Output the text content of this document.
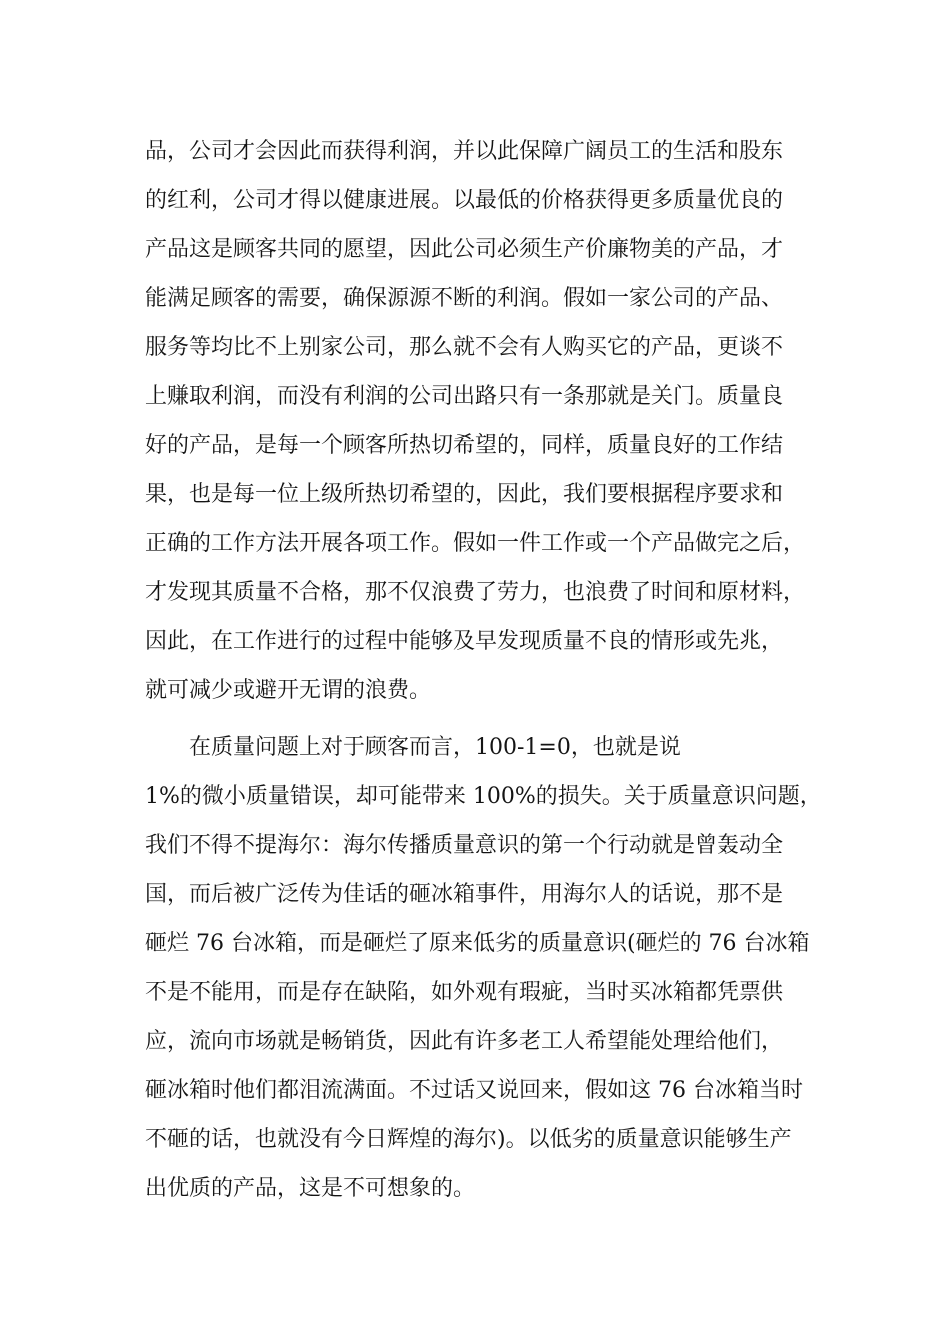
品，公司才会因此而获得利润，并以此保障广阔员工的生活和股东
的红利，公司才得以健康进展。以最低的价格获得更多质量优良的
产品这是顾客共同的愿望，因此公司必须生产价廉物美的产品，才
能满足顾客的需要，确保源源不断的利润。假如一家公司的产品、
服务等均比不上别家公司，那么就不会有人购买它的产品，更谈不
上赚取利润，而没有利润的公司出路只有一条那就是关门。质量良
好的产品，是每一个顾客所热切希望的，同样，质量良好的工作结
果，也是每一位上级所热切希望的，因此，我们要根据程序要求和
正确的工作方法开展各项工作。假如一件工作或一个产品做完之后，
才发现其质量不合格，那不仅浪费了劳力，也浪费了时间和原材料，
因此，在工作进行的过程中能够及早发现质量不良的情形或先兆，
就可减少或避开无谓的浪费。
在质量问题上对于顾客而言，100-1=0，也就是说
1%的微小质量错误，却可能带来 100%的损失。关于质量意识问题，
我们不得不提海尔：海尔传播质量意识的第一个行动就是曾轰动全
国，而后被广泛传为佳话的砸冰箱事件，用海尔人的话说，那不是
砸烂 76 台冰箱，而是砸烂了原来低劣的质量意识(砸烂的 76 台冰箱
不是不能用，而是存在缺陷，如外观有瑕疵，当时买冰箱都凭票供
应，流向市场就是畅销货，因此有许多老工人希望能处理给他们，
砸冰箱时他们都泪流满面。不过话又说回来，假如这 76 台冰箱当时
不砸的话，也就没有今日辉煌的海尔)。以低劣的质量意识能够生产
出优质的产品，这是不可想象的。
